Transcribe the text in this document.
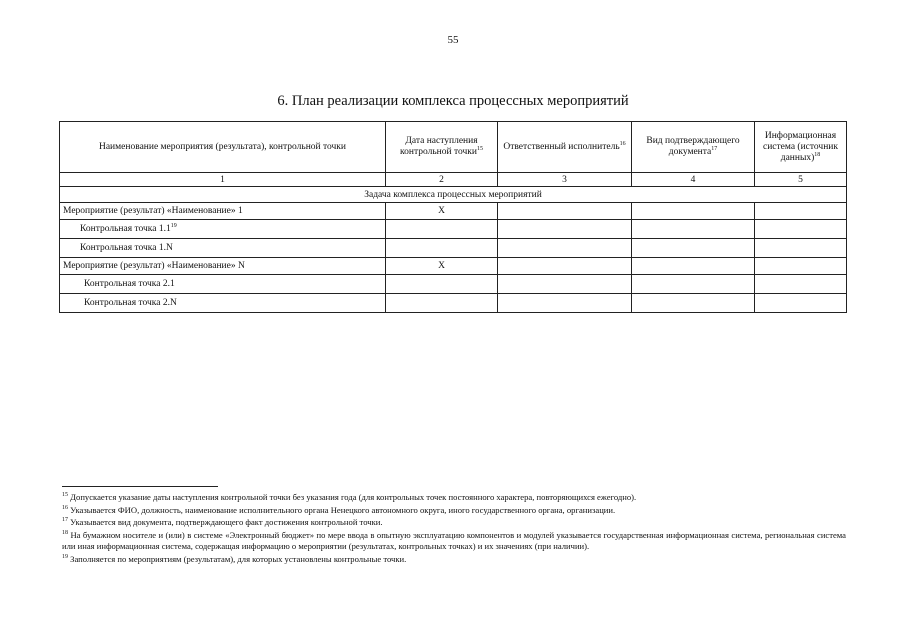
55
6. План реализации комплекса процессных мероприятий
Наименование мероприятия (результата), контрольной точки	Дата наступления контрольной точки$^{15}$	Ответственный исполнитель$^{16}$	Вид подтверждающего документа$^{17}$	Информационная система (источник данных)$^{18}$
1	2	3	4	5
Задача комплекса процессных мероприятий				
Мероприятие (результат) «Наименование» 1	X			
Контрольная точка $1.1^{19}$				
Контрольная точка 1.N				
Мероприятие (результат) «Наименование» N	X			
Контрольная точка 2.1				
Контрольная точка 2.N				

$^{15}$ Допускается указание даты наступления контрольной точки без указания года (для контрольных точек постоянного характера, повторяющихся ежегодно).

$^{16}$ Указывается ФИО, должность, наименование исполнительного органа Ненецкого автономного округа, иного государственного органа, организации.

$^{17}$ Указывается вид документа, подтверждающего факт достижения контрольной точки.

$^{18}$ На бумажном носителе и (или) в системе «Электронный бюджет» по мере ввода в опытную эксплуатацию компонентов и модулей указывается государственная информационная система, региональная система или иная информационная система, содержащая информацию о мероприятии (результатах, контрольных точках) и их значениях (при наличии).

$^{19}$ Заполняется по мероприятиям (результатам), для которых установлены контрольные точки.
